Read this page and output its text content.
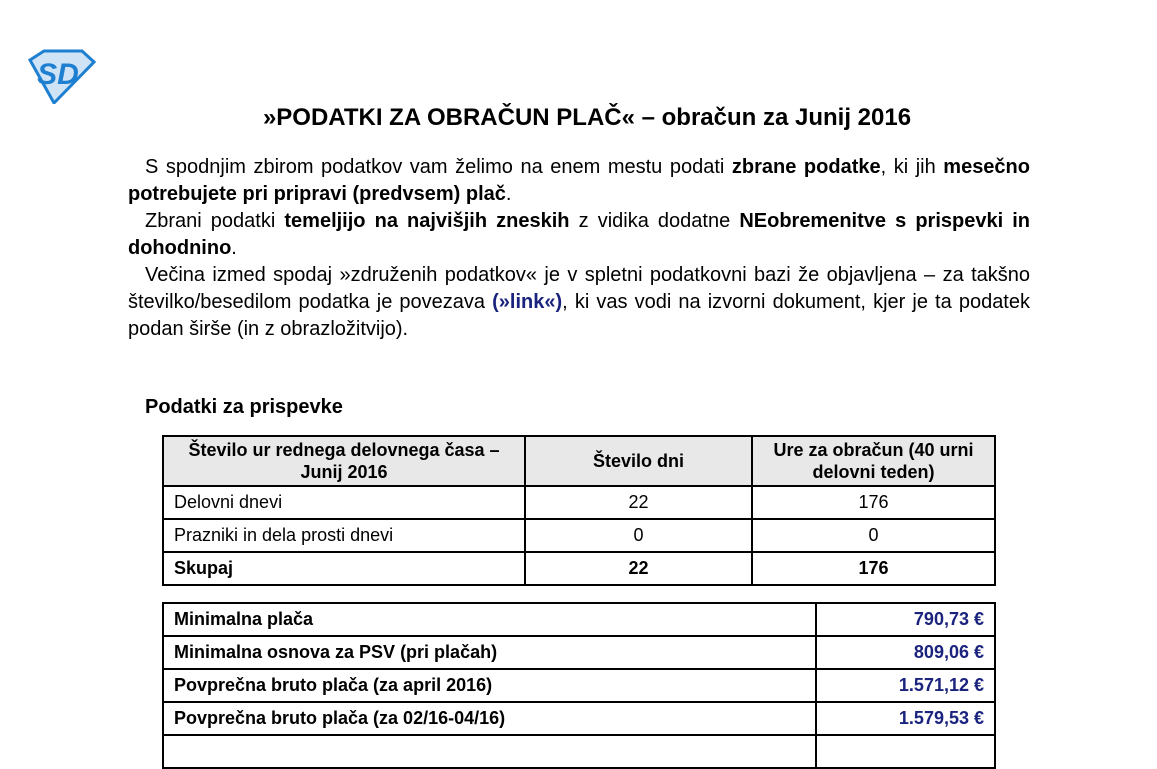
SD
»PODATKI ZA OBRAČUN PLAČ« – obračun za Junij 2016

S spodnjim zbirom podatkov vam želimo na enem mestu podati zbrane podatke, ki jih mesečno potrebujete pri pripravi (predvsem) plač.

Zbrani podatki temeljijo na najvišjih zneskih z vidika dodatne NEobremenitve s prispevki in dohodnino.

Večina izmed spodaj »združenih podatkov« je v spletni podatkovni bazi že objavljena – za takšno številko/besedilom podatka je povezava (»link«), ki vas vodi na izvorni dokument, kjer je ta podatek podan širše (in z obrazložitvijo).

Podatki za prispevke
Število ur rednega delovnega časa – Junij 2016	Število dni	Ure za obračun (40 urni delovni teden)
Delovni dnevi	22	176
Prazniki in dela prosti dnevi	0	0
Skupaj	22	176
Minimalna plača	790,73 €
Minimalna osnova za PSV (pri plačah)	809,06 €
Povprečna bruto plača (za april 2016)	1.571,12 €
Povprečna bruto plača (za 02/16-04/16)	1.579,53 €
